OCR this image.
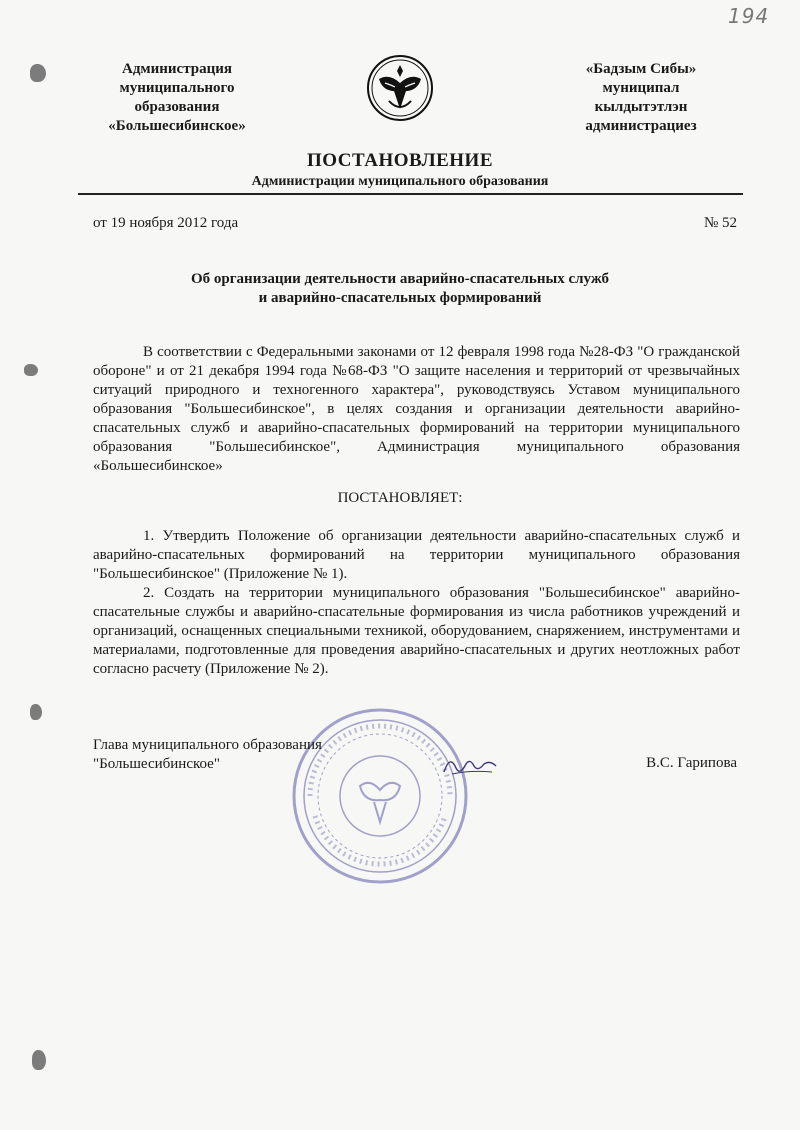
194
Администрация
муниципального
образования
«Большесибинское»
«Бадзым Сибы»
муниципал
кылдытэтлэн
администрациез
ПОСТАНОВЛЕНИЕ
Администрации муниципального образования
от 19 ноября 2012 года	№ 52
Об организации деятельности аварийно-спасательных служб
и аварийно-спасательных формирований

В соответствии с Федеральными законами от 12 февраля 1998 года №28-ФЗ "О гражданской обороне" и от 21 декабря 1994 года №68-ФЗ "О защите населения и территорий от чрезвычайных ситуаций природного и техногенного характера", руководствуясь Уставом муниципального образования "Большесибинское", в целях создания и организации деятельности аварийно-спасательных служб и аварийно-спасательных формирований на территории муниципального образования "Большесибинское", Администрация муниципального образования «Большесибинское»

ПОСТАНОВЛЯЕТ:

1. Утвердить Положение об организации деятельности аварийно-спасательных служб и аварийно-спасательных формирований на территории муниципального образования "Большесибинское" (Приложение № 1).

2. Создать на территории муниципального образования "Большесибинское" аварийно-спасательные службы и аварийно-спасательные формирования из числа работников учреждений и организаций, оснащенных специальными техникой, оборудованием, снаряжением, инструментами и материалами, подготовленные для проведения аварийно-спасательных и других неотложных работ согласно расчету (Приложение № 2).

Глава муниципального образования
"Большесибинское"	В.С. Гарипова
